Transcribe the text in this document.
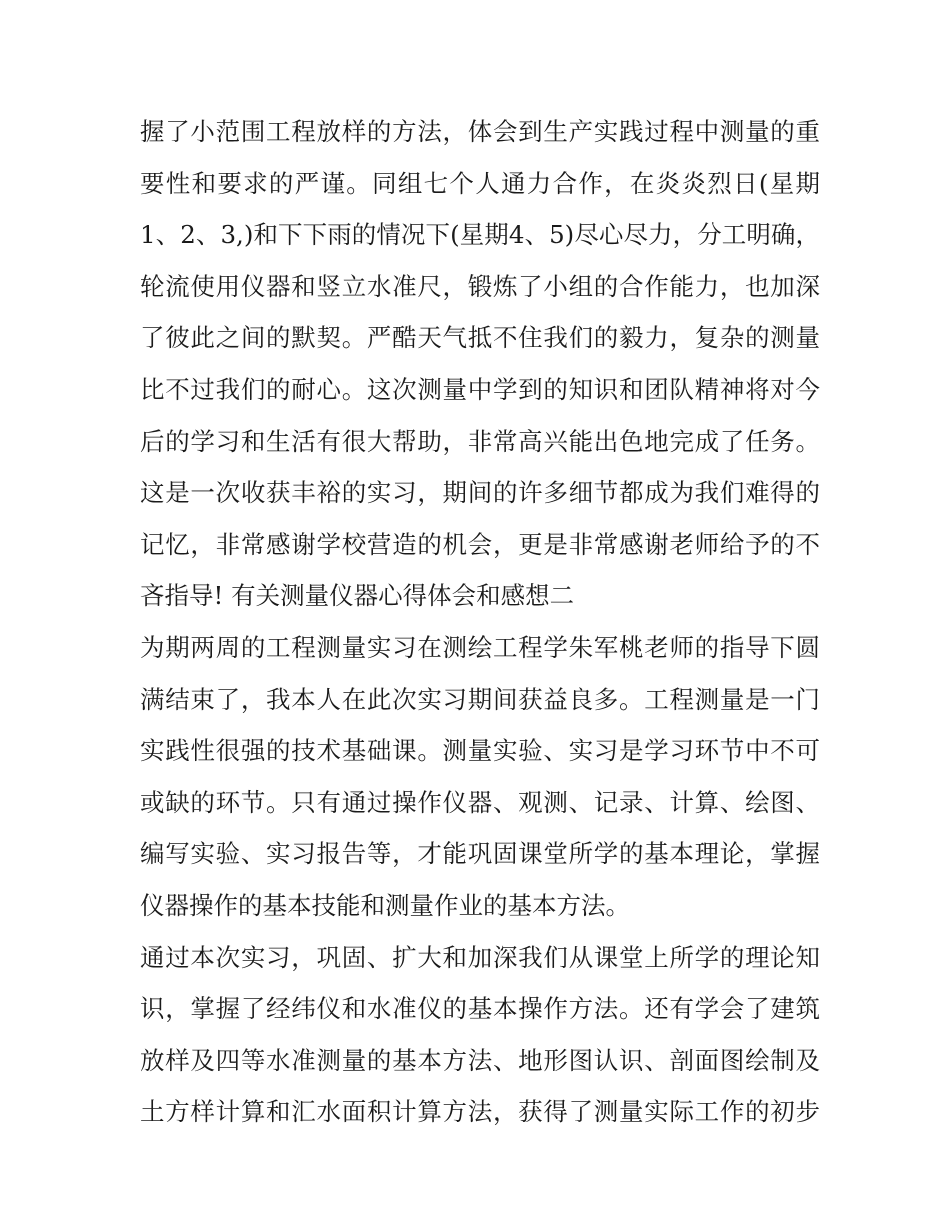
握了小范围工程放样的方法，体会到生产实践过程中测量的重
要性和要求的严谨。同组七个人通力合作，在炎炎烈日(星期
1、2、3,)和下下雨的情况下(星期4、5)尽心尽力，分工明确，
轮流使用仪器和竖立水准尺，锻炼了小组的合作能力，也加深
了彼此之间的默契。严酷天气抵不住我们的毅力，复杂的测量
比不过我们的耐心。这次测量中学到的知识和团队精神将对今
后的学习和生活有很大帮助，非常高兴能出色地完成了任务。
这是一次收获丰裕的实习，期间的许多细节都成为我们难得的
记忆，非常感谢学校营造的机会，更是非常感谢老师给予的不
吝指导! 有关测量仪器心得体会和感想二
为期两周的工程测量实习在测绘工程学朱军桃老师的指导下圆
满结束了，我本人在此次实习期间获益良多。工程测量是一门
实践性很强的技术基础课。测量实验、实习是学习环节中不可
或缺的环节。只有通过操作仪器、观测、记录、计算、绘图、
编写实验、实习报告等，才能巩固课堂所学的基本理论，掌握
仪器操作的基本技能和测量作业的基本方法。
通过本次实习，巩固、扩大和加深我们从课堂上所学的理论知
识，掌握了经纬仪和水准仪的基本操作方法。还有学会了建筑
放样及四等水准测量的基本方法、地形图认识、剖面图绘制及
土方样计算和汇水面积计算方法，获得了测量实际工作的初步
